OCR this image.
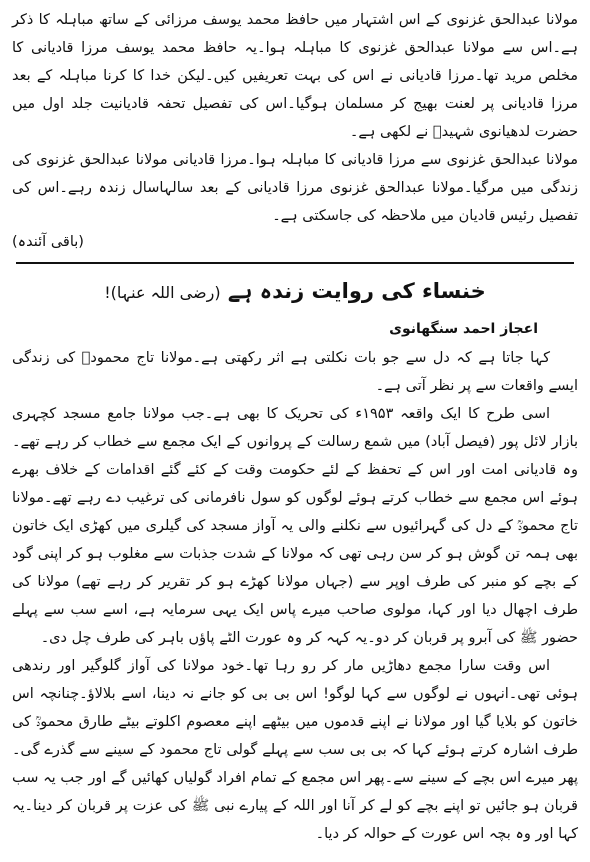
مولانا عبدالحق غزنوی کے اس اشتہار میں حافظ محمد یوسف مرزائی کے ساتھ مباہلہ کا ذکر ہے۔اس سے مولانا عبدالحق غزنوی کا مباہلہ ہوا۔یہ حافظ محمد یوسف مرزا قادیانی کا مخلص مرید تھا۔مرزا قادیانی نے اس کی بہت تعریفیں کیں۔لیکن خدا کا کرنا مباہلہ کے بعد مرزا قادیانی پر لعنت بھیج کر مسلمان ہوگیا۔اس کی تفصیل تحفہ قادیانیت جلد اول میں حضرت لدھیانوی شہیدؒ نے لکھی ہے۔

مولانا عبدالحق غزنوی سے مرزا قادیانی کا مباہلہ ہوا۔مرزا قادیانی مولانا عبدالحق غزنوی کی زندگی میں مرگیا۔مولانا عبدالحق غزنوی مرزا قادیانی کے بعد سالہاسال زندہ رہے۔اس کی تفصیل رئیس قادیان میں ملاحظہ کی جاسکتی ہے۔

(باقی آئندہ)

خنساء کی روایت زندہ ہے (رضی اللہ عنہا)!
اعجاز احمد سنگھانوی

کہا جاتا ہے کہ دل سے جو بات نکلتی ہے اثر رکھتی ہے۔مولانا تاج محمودؒ کی زندگی ایسے واقعات سے پر نظر آتی ہے۔

اسی طرح کا ایک واقعہ ۱۹۵۳ء کی تحریک کا بھی ہے۔جب مولانا جامع مسجد کچہری بازار لائل پور (فیصل آباد) میں شمع رسالت کے پروانوں کے ایک مجمع سے خطاب کر رہے تھے۔وہ قادیانی امت اور اس کے تحفظ کے لئے حکومت وقت کے کئے گئے اقدامات کے خلاف بھرے ہوئے اس مجمع سے خطاب کرتے ہوئے لوگوں کو سول نافرمانی کی ترغیب دے رہے تھے۔مولانا تاج محمودؒ کے دل کی گہرائیوں سے نکلنے والی یہ آواز مسجد کی گیلری میں کھڑی ایک خاتون بھی ہمہ تن گوش ہو کر سن رہی تھی کہ مولانا کے شدت جذبات سے مغلوب ہو کر اپنی گود کے بچے کو منبر کی طرف اوپر سے (جہاں مولانا کھڑے ہو کر تقریر کر رہے تھے) مولانا کی طرف اچھال دیا اور کہا، مولوی صاحب میرے پاس ایک یہی سرمایہ ہے، اسے سب سے پہلے حضور ﷺ کی آبرو پر قربان کر دو۔یہ کہہ کر وہ عورت الٹے پاؤں باہر کی طرف چل دی۔

اس وقت سارا مجمع دھاڑیں مار کر رو رہا تھا۔خود مولانا کی آواز گلوگیر اور رندھی ہوئی تھی۔انہوں نے لوگوں سے کہا لوگو! اس بی بی کو جانے نہ دینا، اسے بلالاؤ۔چنانچہ اس خاتون کو بلایا گیا اور مولانا نے اپنے قدموں میں بیٹھے اپنے معصوم اکلوتے بیٹے طارق محمودؒ کی طرف اشارہ کرتے ہوئے کہا کہ بی بی سب سے پہلے گولی تاج محمود کے سینے سے گذرے گی۔پھر میرے اس بچے کے سینے سے۔پھر اس مجمع کے تمام افراد گولیاں کھائیں گے اور جب یہ سب قربان ہو جائیں تو اپنے بچے کو لے کر آنا اور اللہ کے پیارے نبی ﷺ کی عزت پر قربان کر دینا۔یہ کہا اور وہ بچہ اس عورت کے حوالہ کر دیا۔
